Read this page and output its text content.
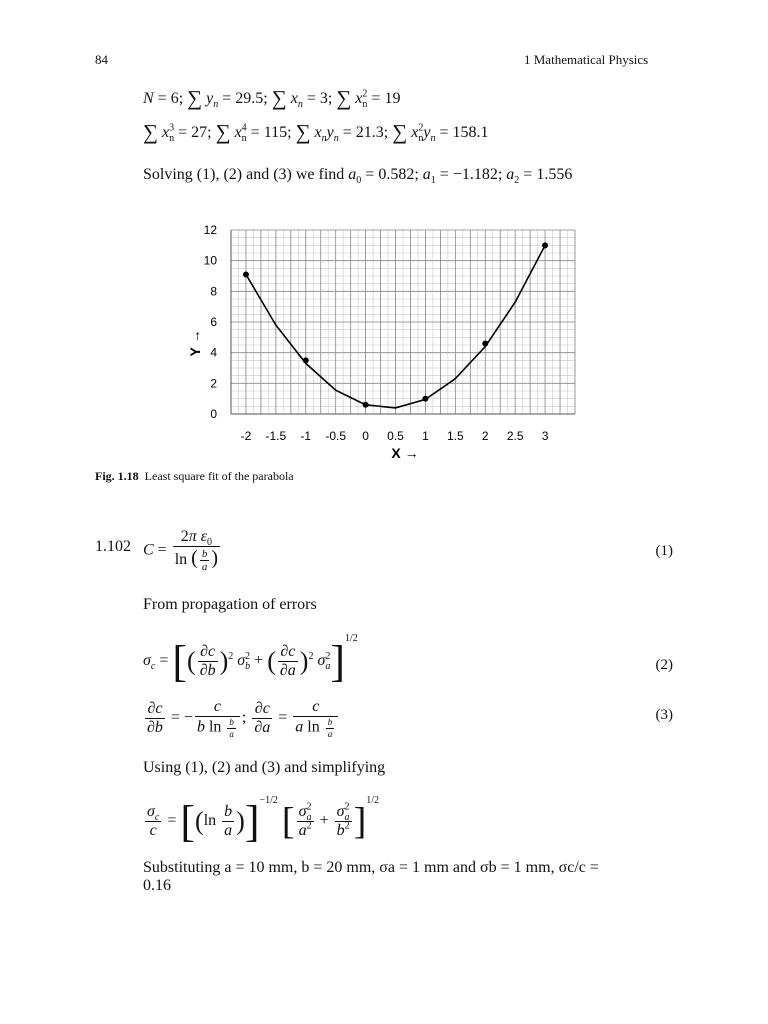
84	1 Mathematical Physics
N = 6; ∑ $y_n = 29.5$; ∑ $x_n = 3$; ∑ $x^2_n = 19$
∑ $x^3_n = 27$; ∑ $x^4_n = 115$; ∑ $x_ny_n = 21.3$; ∑ $x^2_ny_n = 158.1$
Solving (1), (2) and (3) we find $a_0 = 0.582$; $a_1 = -1.182$; $a_2 = 1.556$
0
2
4
6
8
10
12
-2 -1.5 -1 -0.5 0 0.5 1 1.5 2 2.5 3
X →
Y →
Fig. 1.18 Least square fit of the parabola
1.102 $C = \frac{2\pi \varepsilon_0}{\ln ( \frac{b}{a} )}$	(1)
From propagation of errors
$\sigma_c$ = [( $\frac{\partial c}{\partial b} )^2$ $\sigma^2_b$ + ( $\frac{\partial c}{\partial a} )^2$ $\sigma^2_a]^{1/2}$
(2)
$\frac{\partial c}{\partial b}$ = − $\frac{c}{b \ln \frac{b}{a}}$ ; $\frac{\partial c}{\partial a} = \frac{c}{a \ln \frac{b}{a}}$	(3)
Using (1), (2) and (3) and simplifying
$\frac{\sigma_c}{c} = [(\ln \frac{b}{a} )]^{-1/2}$ [ $\frac{\sigma^2_a}{a^2} + \frac{\sigma^2_a}{b^2} ]^{1/2}$
Substituting a = 10 mm, b = 20 mm, σa = 1 mm and σb = 1 mm, σc/c =
0.16
